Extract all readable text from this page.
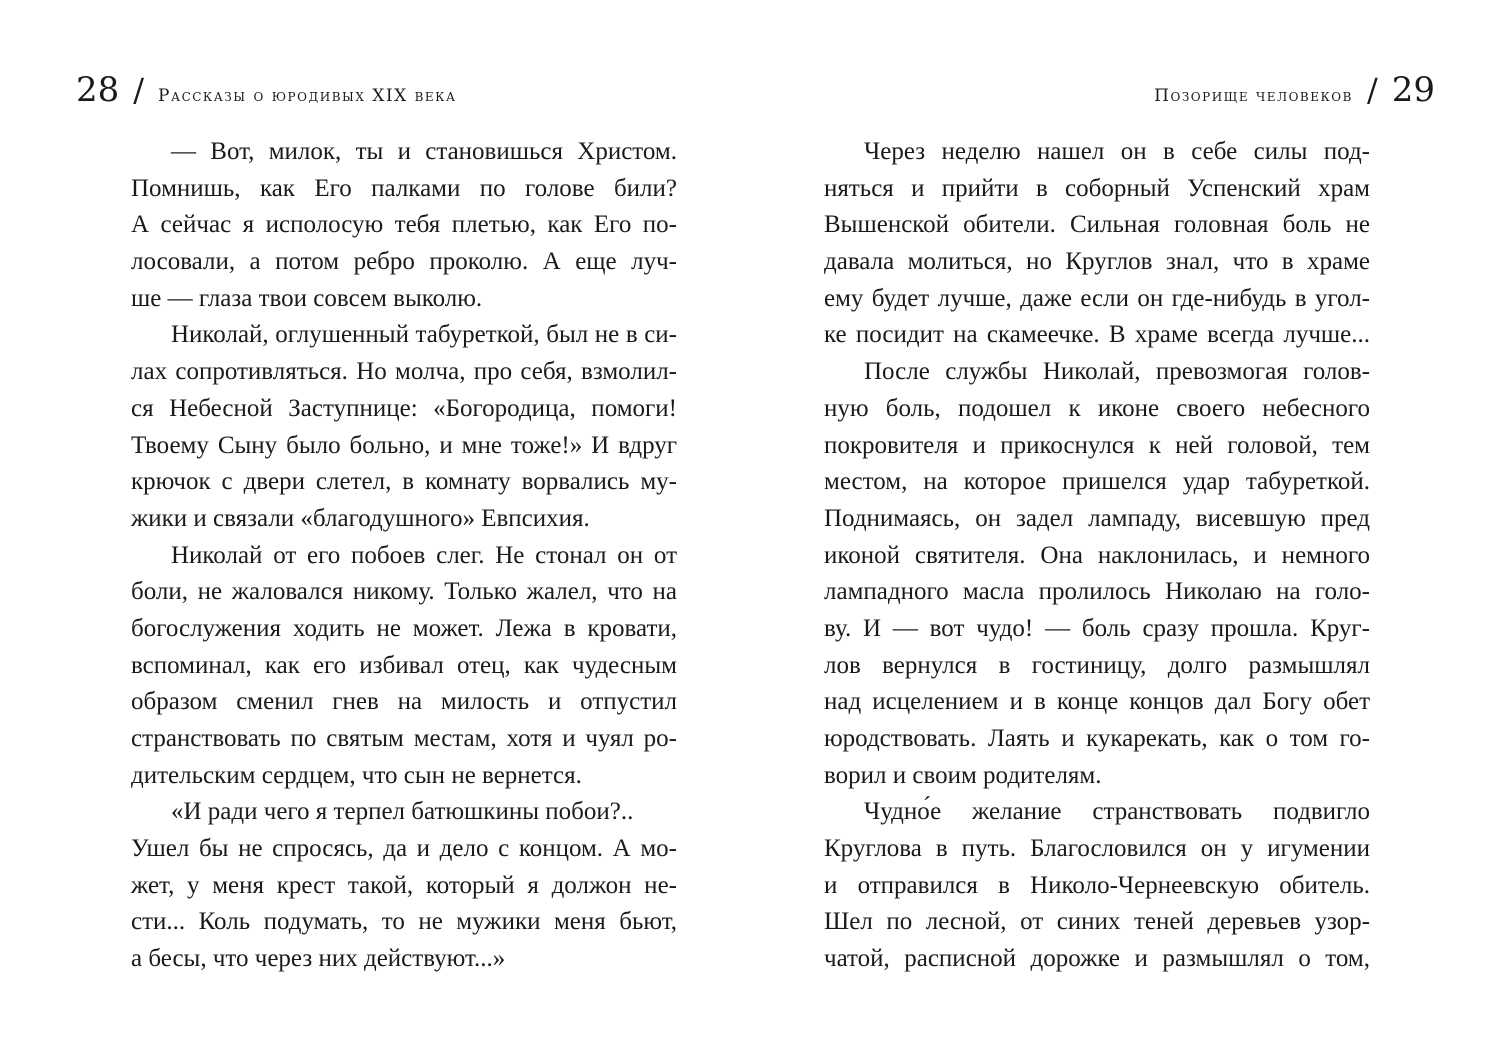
28 / Рассказы о юродивых XIX века
— Вот, милок, ты и становишься Христом.
Помнишь, как Его палками по голове били?
А сейчас я исполосую тебя плетью, как Его по-
лосовали, а потом ребро проколю. А еще луч-
ше — глаза твои совсем выколю.
Николай, оглушенный табуреткой, был не в си-
лах сопротивляться. Но молча, про себя, взмолил-
ся Небесной Заступнице: «Богородица, помоги!
Твоему Сыну было больно, и мне тоже!» И вдруг
крючок с двери слетел, в комнату ворвались му-
жики и связали «благодушного» Евпсихия.
Николай от его побоев слег. Не стонал он от
боли, не жаловался никому. Только жалел, что на
богослужения ходить не может. Лежа в кровати,
вспоминал, как его избивал отец, как чудесным
образом сменил гнев на милость и отпустил
странствовать по святым местам, хотя и чуял ро-
дительским сердцем, что сын не вернется.
«И ради чего я терпел батюшкины побои?..
Ушел бы не спросясь, да и дело с концом. А мо-
жет, у меня крест такой, который я должон не-
сти... Коль подумать, то не мужики меня бьют,
а бесы, что через них действуют...»
Позорище человеков / 29
Через неделю нашел он в себе силы под-
няться и прийти в соборный Успенский храм
Вышенской обители. Сильная головная боль не
давала молиться, но Круглов знал, что в храме
ему будет лучше, даже если он где-нибудь в угол-
ке посидит на скамеечке. В храме всегда лучше...
После службы Николай, превозмогая голов-
ную боль, подошел к иконе своего небесного
покровителя и прикоснулся к ней головой, тем
местом, на которое пришелся удар табуреткой.
Поднимаясь, он задел лампаду, висевшую пред
иконой святителя. Она наклонилась, и немного
лампадного масла пролилось Николаю на голо-
ву. И — вот чудо! — боль сразу прошла. Круг-
лов вернулся в гостиницу, долго размышлял
над исцелением и в конце концов дал Богу обет
юродствовать. Лаять и кукарекать, как о том го-
ворил и своим родителям.
Чудно́е желание странствовать подвигло
Круглова в путь. Благословился он у игумении
и отправился в Николо-Чернеевскую обитель.
Шел по лесной, от синих теней деревьев узор-
чатой, расписной дорожке и размышлял о том,
